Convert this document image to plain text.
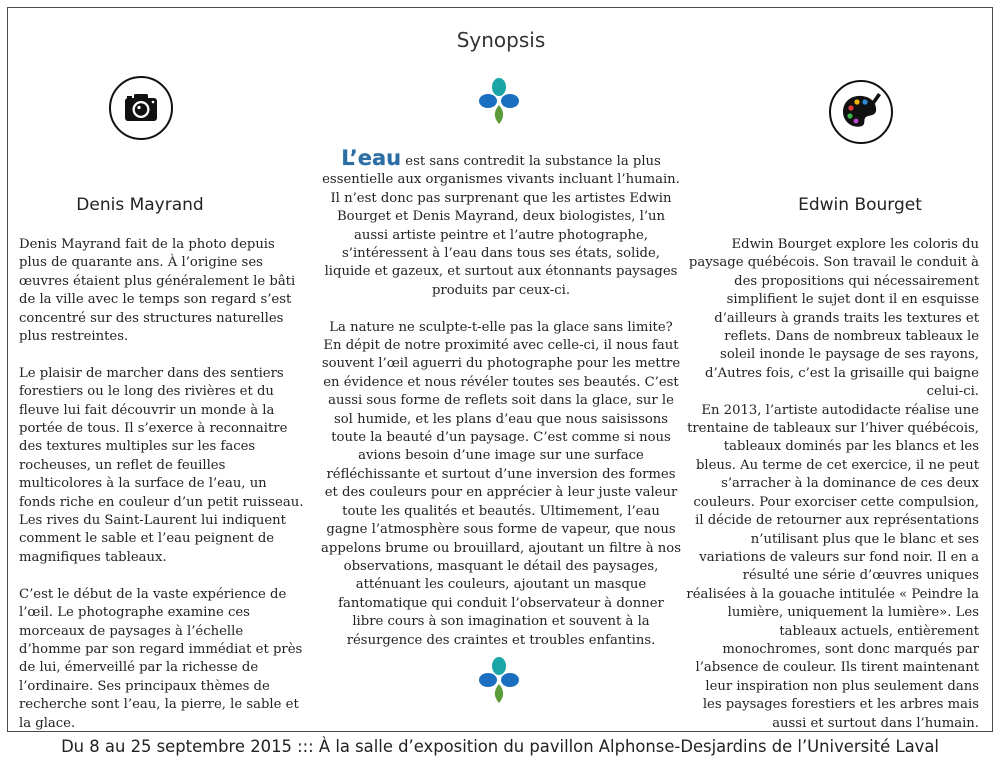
Synopsis
Denis Mayrand	Edwin Bourget

Denis Mayrand fait de la photo depuis plus de quarante ans. À l’origine ses œuvres étaient plus généralement le bâti de la ville avec le temps son regard s’est concentré sur des structures naturelles plus restreintes.

Le plaisir de marcher dans des sentiers forestiers ou le long des rivières et du fleuve lui fait découvrir un monde à la portée de tous. Il s’exerce à reconnaitre des textures multiples sur les faces rocheuses, un reflet de feuilles multicolores à la surface de l’eau, un fonds riche en couleur d’un petit ruisseau. Les rives du Saint-Laurent lui indiquent comment le sable et l’eau peignent de magnifiques tableaux.

C’est le début de la vaste expérience de l’œil. Le photographe examine ces morceaux de paysages à l’échelle d’homme par son regard immédiat et près de lui, émerveillé par la richesse de l’ordinaire. Ses principaux thèmes de recherche sont l’eau, la pierre, le sable et la glace.

L’eau est sans contredit la substance la plus essentielle aux organismes vivants incluant l’humain. Il n’est donc pas surprenant que les artistes Edwin Bourget et Denis Mayrand, deux biologistes, l’un aussi artiste peintre et l’autre photographe, s’intéressent à l’eau dans tous ses états, solide, liquide et gazeux, et surtout aux étonnants paysages produits par ceux-ci.

La nature ne sculpte-t-elle pas la glace sans limite? En dépit de notre proximité avec celle-ci, il nous faut souvent l’œil aguerri du photographe pour les mettre en évidence et nous révéler toutes ses beautés. C’est aussi sous forme de reflets soit dans la glace, sur le sol humide, et les plans d’eau que nous saisissons toute la beauté d’un paysage. C’est comme si nous avions besoin d’une image sur une surface réfléchissante et surtout d’une inversion des formes et des couleurs pour en apprécier à leur juste valeur toute les qualités et beautés. Ultimement, l’eau gagne l’atmosphère sous forme de vapeur, que nous appelons brume ou brouillard, ajoutant un filtre à nos observations, masquant le détail des paysages, atténuant les couleurs, ajoutant un masque fantomatique qui conduit l’observateur à donner libre cours à son imagination et souvent à la résurgence des craintes et troubles enfantins.

Edwin Bourget explore les coloris du paysage québécois. Son travail le conduit à des propositions qui nécessairement simplifient le sujet dont il en esquisse d’ailleurs à grands traits les textures et reflets. Dans de nombreux tableaux le soleil inonde le paysage de ses rayons, d’Autres fois, c’est la grisaille qui baigne celui-ci.

En 2013, l’artiste autodidacte réalise une trentaine de tableaux sur l’hiver québécois, tableaux dominés par les blancs et les bleus. Au terme de cet exercice, il ne peut s’arracher à la dominance de ces deux couleurs. Pour exorciser cette compulsion, il décide de retourner aux représentations n’utilisant plus que le blanc et ses variations de valeurs sur fond noir. Il en a résulté une série d’œuvres uniques réalisées à la gouache intitulée « Peindre la lumière, uniquement la lumière». Les tableaux actuels, entièrement monochromes, sont donc marqués par l’absence de couleur. Ils tirent maintenant leur inspiration non plus seulement dans les paysages forestiers et les arbres mais aussi et surtout dans l’humain.

Du 8 au 25 septembre 2015 ::: À la salle d’exposition du pavillon Alphonse-Desjardins de l’Université Laval
